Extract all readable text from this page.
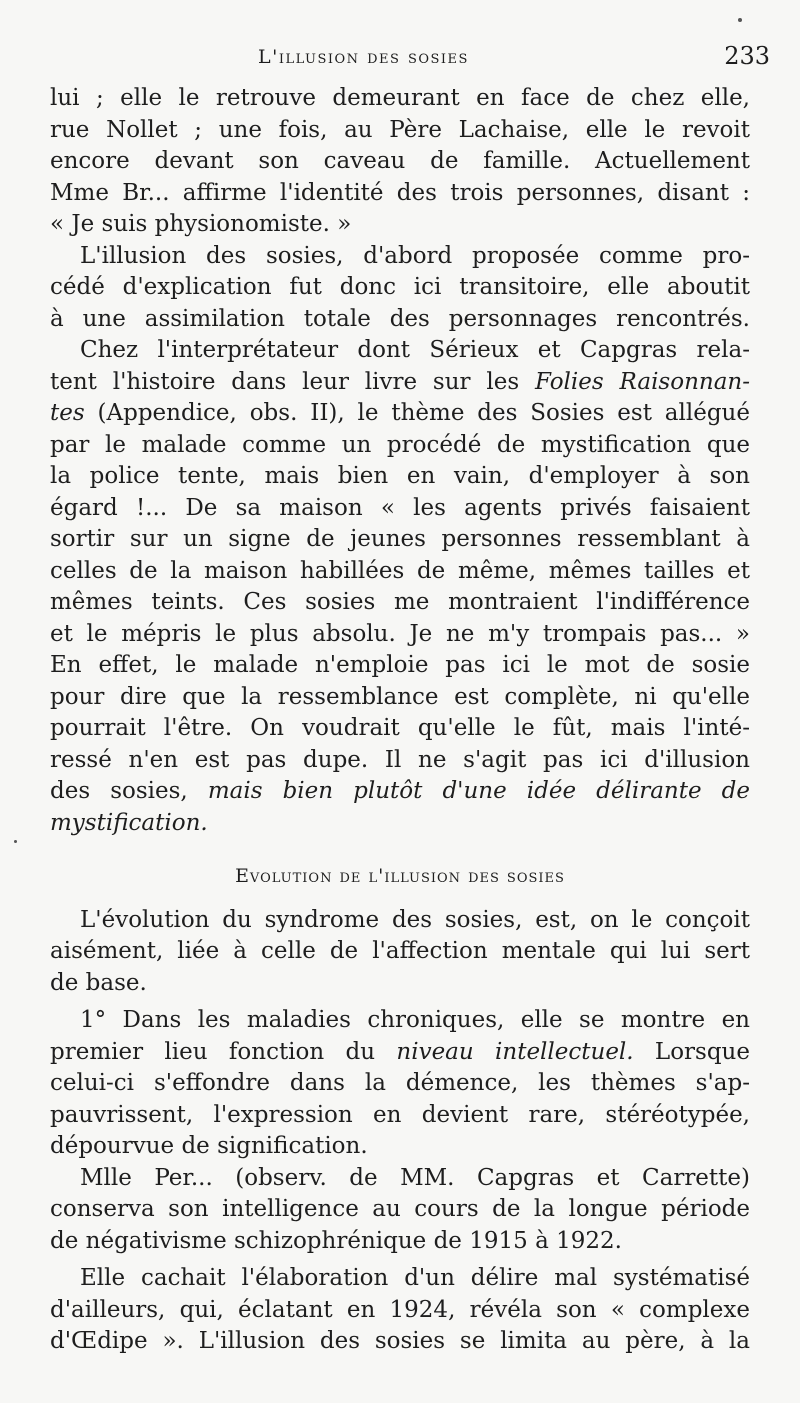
L'illusion des sosies	233
lui ; elle le retrouve demeurant en face de chez elle,
rue Nollet ; une fois, au Père Lachaise, elle le revoit
encore devant son caveau de famille. Actuellement
Mme Br... affirme l'identité des trois personnes, disant :
« Je suis physionomiste. »
L'illusion des sosies, d'abord proposée comme pro-
cédé d'explication fut donc ici transitoire, elle aboutit
à une assimilation totale des personnages rencontrés.
Chez l'interprétateur dont Sérieux et Capgras rela-
tent l'histoire dans leur livre sur les Folies Raisonnan-
tes (Appendice, obs. II), le thème des Sosies est allégué
par le malade comme un procédé de mystification que
la police tente, mais bien en vain, d'employer à son
égard !... De sa maison « les agents privés faisaient
sortir sur un signe de jeunes personnes ressemblant à
celles de la maison habillées de même, mêmes tailles et
mêmes teints. Ces sosies me montraient l'indifférence
et le mépris le plus absolu. Je ne m'y trompais pas... »
En effet, le malade n'emploie pas ici le mot de sosie
pour dire que la ressemblance est complète, ni qu'elle
pourrait l'être. On voudrait qu'elle le fût, mais l'inté-
ressé n'en est pas dupe. Il ne s'agit pas ici d'illusion
des sosies, mais bien plutôt d'une idée délirante de
mystification.
Evolution de l'illusion des sosies
L'évolution du syndrome des sosies, est, on le conçoit
aisément, liée à celle de l'affection mentale qui lui sert
de base.
1° Dans les maladies chroniques, elle se montre en
premier lieu fonction du niveau intellectuel. Lorsque
celui-ci s'effondre dans la démence, les thèmes s'ap-
pauvrissent, l'expression en devient rare, stéréotypée,
dépourvue de signification.
Mlle Per... (observ. de MM. Capgras et Carrette)
conserva son intelligence au cours de la longue période
de négativisme schizophrénique de 1915 à 1922.
Elle cachait l'élaboration d'un délire mal systématisé
d'ailleurs, qui, éclatant en 1924, révéla son « complexe
d'Œdipe ». L'illusion des sosies se limita au père, à la
